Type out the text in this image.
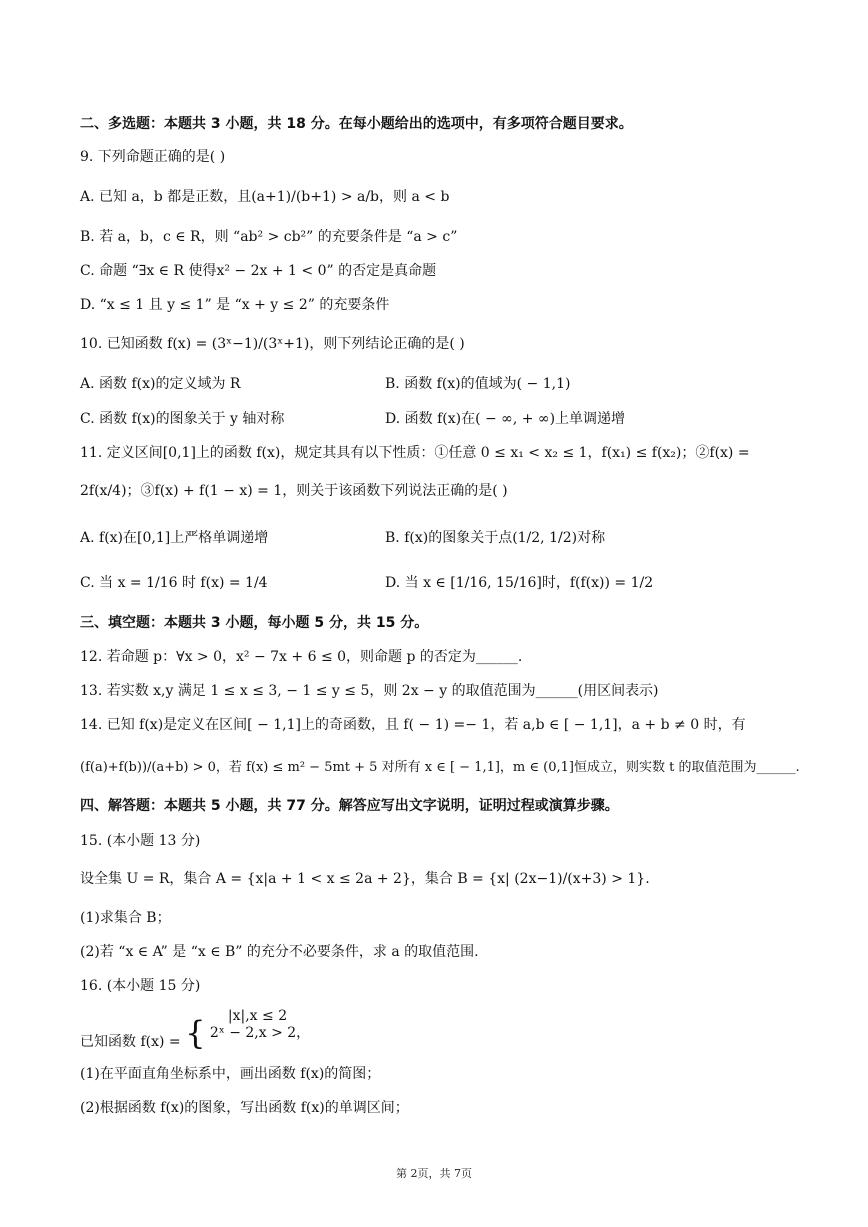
二、多选题：本题共 3 小题，共 18 分。在每小题给出的选项中，有多项符合题目要求。
9. 下列命题正确的是( )
A. 已知 a，b 都是正数，且(a+1)/(b+1) > a/b，则 a < b
B. 若 a，b，c ∈ R，则 “ab² > cb²” 的充要条件是 “a > c”
C. 命题 “∃x ∈ R 使得x² − 2x + 1 < 0” 的否定是真命题
D. “x ≤ 1 且 y ≤ 1” 是 “x + y ≤ 2” 的充要条件
10. 已知函数 f(x) = (3ˣ−1)/(3ˣ+1)，则下列结论正确的是( )
A. 函数 f(x)的定义域为 R	B. 函数 f(x)的值域为( − 1,1)
C. 函数 f(x)的图象关于 y 轴对称	D. 函数 f(x)在( − ∞, + ∞)上单调递增
11. 定义区间[0,1]上的函数 f(x)，规定其具有以下性质：①任意 0 ≤ x₁ < x₂ ≤ 1，f(x₁) ≤ f(x₂)；②f(x) =
2f(x/4)；③f(x) + f(1 − x) = 1，则关于该函数下列说法正确的是( )
A. f(x)在[0,1]上严格单调递增	B. f(x)的图象关于点(1/2, 1/2)对称
C. 当 x = 1/16 时 f(x) = 1/4	D. 当 x ∈ [1/16, 15/16]时，f(f(x)) = 1/2
三、填空题：本题共 3 小题，每小题 5 分，共 15 分。
12. 若命题 p：∀x > 0，x² − 7x + 6 ≤ 0，则命题 p 的否定为______.
13. 若实数 x,y 满足 1 ≤ x ≤ 3, − 1 ≤ y ≤ 5，则 2x − y 的取值范围为______(用区间表示)
14. 已知 f(x)是定义在区间[ − 1,1]上的奇函数，且 f( − 1) =− 1，若 a,b ∈ [ − 1,1]，a + b ≠ 0 时，有
(f(a)+f(b))/(a+b) > 0，若 f(x) ≤ m² − 5mt + 5 对所有 x ∈ [ − 1,1]，m ∈ (0,1]恒成立，则实数 t 的取值范围为______.
四、解答题：本题共 5 小题，共 77 分。解答应写出文字说明，证明过程或演算步骤。
15. (本小题 13 分)
设全集 U = R，集合 A = {x|a + 1 < x ≤ 2a + 2}，集合 B = {x| (2x−1)/(x+3) > 1}.
(1)求集合 B；
(2)若 “x ∈ A” 是 “x ∈ B” 的充分不必要条件，求 a 的取值范围.
16. (本小题 15 分)
已知函数 f(x) = {	|x|,x ≤ 2
2ˣ − 2,x > 2，
(1)在平面直角坐标系中，画出函数 f(x)的简图；
(2)根据函数 f(x)的图象，写出函数 f(x)的单调区间；
第 2页，共 7页
